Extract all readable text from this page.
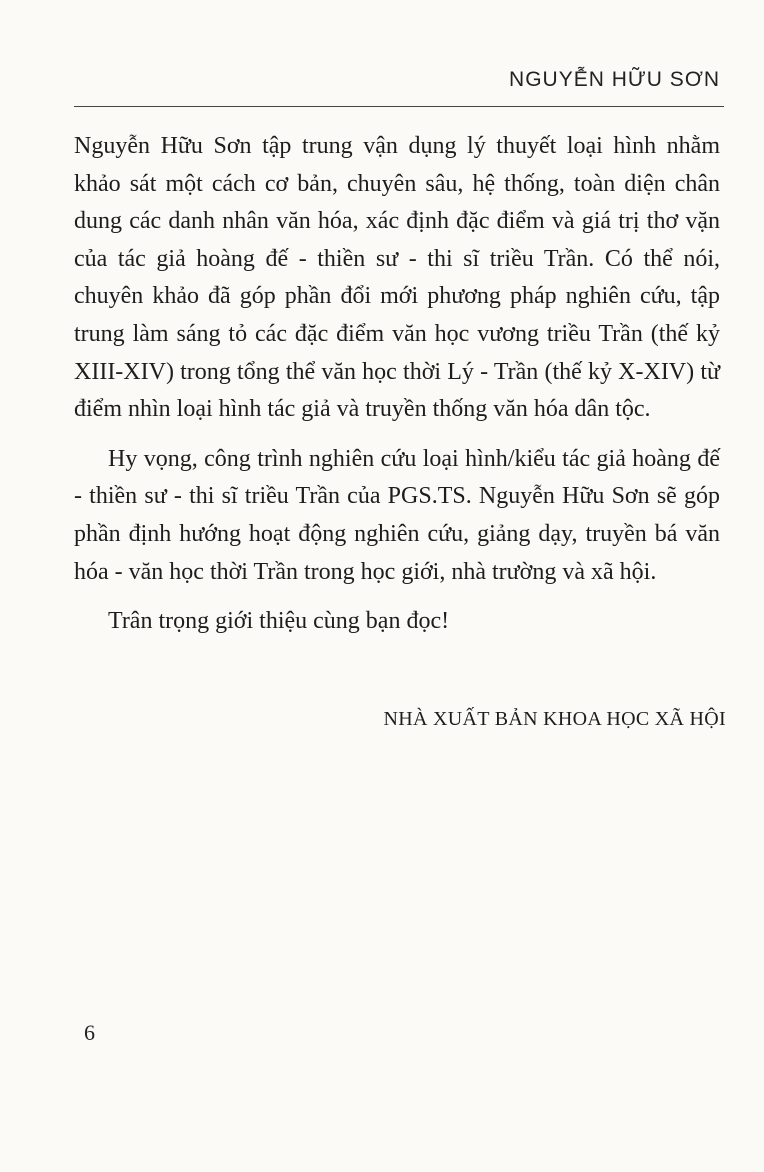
NGUYỄN HỮU SƠN

Nguyễn Hữu Sơn tập trung vận dụng lý thuyết loại hình nhằm khảo sát một cách cơ bản, chuyên sâu, hệ thống, toàn diện chân dung các danh nhân văn hóa, xác định đặc điểm và giá trị thơ vặn của tác giả hoàng đế - thiền sư - thi sĩ triều Trần. Có thể nói, chuyên khảo đã góp phần đổi mới phương pháp nghiên cứu, tập trung làm sáng tỏ các đặc điểm văn học vương triều Trần (thế kỷ XIII-XIV) trong tổng thể văn học thời Lý - Trần (thế kỷ X-XIV) từ điểm nhìn loại hình tác giả và truyền thống văn hóa dân tộc.

Hy vọng, công trình nghiên cứu loại hình/kiểu tác giả hoàng đế - thiền sư - thi sĩ triều Trần của PGS.TS. Nguyễn Hữu Sơn sẽ góp phần định hướng hoạt động nghiên cứu, giảng dạy, truyền bá văn hóa - văn học thời Trần trong học giới, nhà trường và xã hội.

Trân trọng giới thiệu cùng bạn đọc!

NHÀ XUẤT BẢN KHOA HỌC XÃ HỘI
6
